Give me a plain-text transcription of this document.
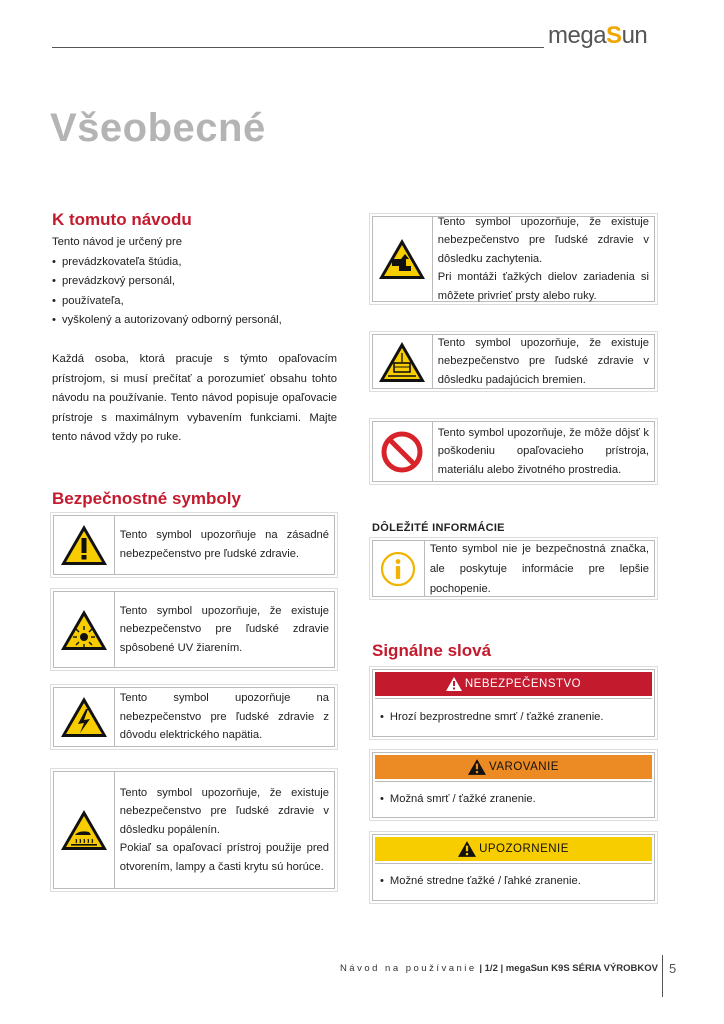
megaSun
Všeobecné
K tomuto návodu
Tento návod je určený pre
• prevádzkovateľa štúdia,
• prevádzkový personál,
• používateľa,
• vyškolený a autorizovaný odborný personál,
Každá osoba, ktorá pracuje s týmto opaľovacím prístrojom, si musí prečítať a porozumieť obsahu tohto návodu na používanie. Tento návod popisuje opaľovacie prístroje s maximálnym vybavením funkciami. Majte tento návod vždy po ruke.
Bezpečnostné symboly
Tento symbol upozorňuje na zásadné nebezpečenstvo pre ľudské zdravie.
Tento symbol upozorňuje, že existuje nebezpečenstvo pre ľudské zdravie spôsobené UV žiarením.
Tento symbol upozorňuje na nebezpečenstvo pre ľudské zdravie z dôvodu elektrického napätia.
Tento symbol upozorňuje, že existuje nebezpečenstvo pre ľudské zdravie v dôsledku popálenín.
Pokiaľ sa opaľovací prístroj použije pred otvorením, lampy a časti krytu sú horúce.
Tento symbol upozorňuje, že existuje nebezpečenstvo pre ľudské zdravie v dôsledku zachytenia.
Pri montáži ťažkých dielov zariadenia si môžete privrieť prsty alebo ruky.
Tento symbol upozorňuje, že existuje nebezpečenstvo pre ľudské zdravie v dôsledku padajúcich bremien.
Tento symbol upozorňuje, že môže dôjsť k poškodeniu opaľovacieho prístroja, materiálu alebo životného prostredia.
DÔLEŽITÉ INFORMÁCIE
Tento symbol nie je bezpečnostná značka, ale poskytuje informácie pre lepšie pochopenie.
Signálne slová
NEBEZPEČENSTVO
• Hrozí bezprostredne smrť / ťažké zranenie.
VAROVANIE
• Možná smrť / ťažké zranenie.
UPOZORNENIE
• Možné stredne ťažké / ľahké zranenie.
Návod na používanie | 1/2 | megaSun K9S SÉRIA VÝROBKOV 5
